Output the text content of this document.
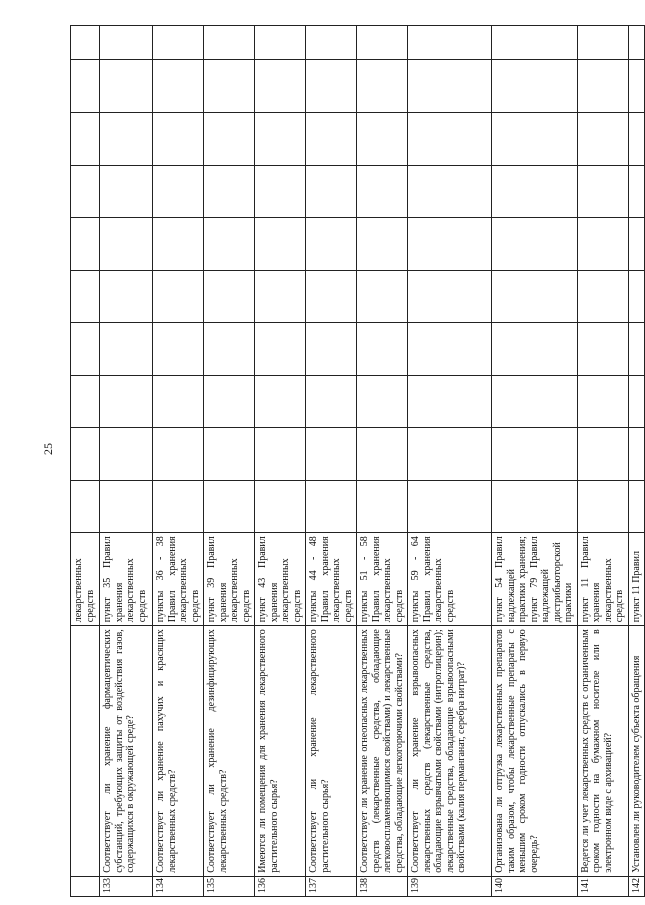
25
		лекарственных средств										
133	Соответствует ли хранение фармацевтических субстанций, требующих защиты от воздействия газов, содержащихся в окружающей среде?	пункт 35 Правил хранения лекарственных средств										
134	Соответствует ли хранение пахучих и красящих лекарственных средств?	пункты 36 - 38 Правил хранения лекарственных средств										
135	Соответствует ли хранение дезинфицирующих лекарственных средств?	пункт 39 Правил хранения лекарственных средств										
136	Имеются ли помещения для хранения лекарственного растительного сырья?	пункт 43 Правил хранения лекарственных средств										
137	Соответствует ли хранение лекарственного растительного сырья?	пункты 44 - 48 Правил хранения лекарственных средств										
138	Соответствует ли хранение огнеопасных лекарственных средств (лекарственные средства, обладающие легковоспламеняющимися свойствами) и лекарственные средства, обладающие легкогорючими свойствами?	пункты 51 - 58 Правил хранения лекарственных средств										
139	Соответствует ли хранение взрывоопасных лекарственных средств (лекарственные средства, обладающие взрывчатыми свойствами (нитроглицерин); лекарственные средства, обладающие взрывоопасными свойствами (калия перманганат, серебра нитрат)?	пункты 59 - 64 Правил хранения лекарственных средств										
140	Организована ли отгрузка лекарственных препаратов таким образом, чтобы лекарственные препараты с меньшим сроком годности отпускались в первую очередь?	пункт 54 Правил надлежащей практики хранения; пункт 79 Правил надлежащей дистрибьюторской практики										
141	Ведется ли учет лекарственных средств с ограниченным сроком годности на бумажном носителе или в электронном виде с архивацией?	пункт 11 Правил хранения лекарственных средств										
142	Установлен ли руководителем субъекта обращения	пункт 11 Правил										
